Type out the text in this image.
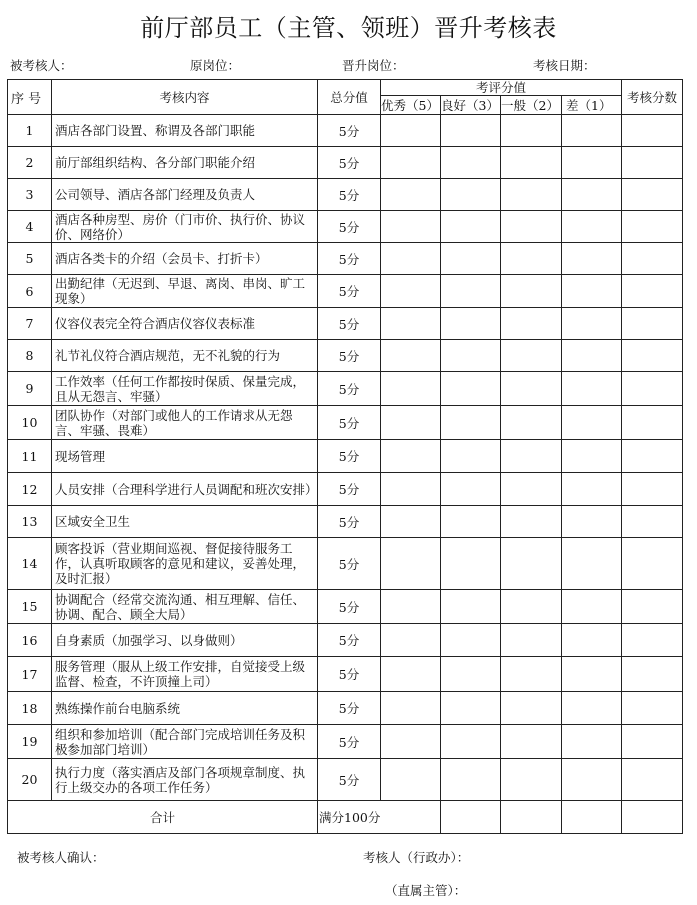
前厅部员工（主管、领班）晋升考核表
被考核人：	原岗位：	晋升岗位：	考核日期：
序 号	考核内容	总分值	考评分值				考核分数
			优秀（5）	良好（3）	一般（2）	差（1）	
1	酒店各部门设置、称谓及各部门职能	5分					
2	前厅部组织结构、各分部门职能介绍	5分					
3	公司领导、酒店各部门经理及负责人	5分					
4	酒店各种房型、房价（门市价、执行价、协议价、网络价）	5分					
5	酒店各类卡的介绍（会员卡、打折卡）	5分					
6	出勤纪律（无迟到、早退、离岗、串岗、旷工现象）	5分					
7	仪容仪表完全符合酒店仪容仪表标准	5分					
8	礼节礼仪符合酒店规范，无不礼貌的行为	5分					
9	工作效率（任何工作都按时保质、保量完成，且从无怨言、牢骚）	5分					
10	团队协作（对部门或他人的工作请求从无怨言、牢骚、畏难）	5分					
11	现场管理	5分					
12	人员安排（合理科学进行人员调配和班次安排）	5分					
13	区域安全卫生	5分					
14	顾客投诉（营业期间巡视、督促接待服务工作，认真听取顾客的意见和建议，妥善处理，及时汇报）	5分					
15	协调配合（经常交流沟通、相互理解、信任、协调、配合、顾全大局）	5分					
16	自身素质（加强学习、以身做则）	5分					
17	服务管理（服从上级工作安排，自觉接受上级监督、检查，不许顶撞上司）	5分					
18	熟练操作前台电脑系统	5分					
19	组织和参加培训（配合部门完成培训任务及积极参加部门培训）	5分					
20	执行力度（落实酒店及部门各项规章制度、执行上级交办的各项工作任务）	5分					
合计		满分100分					
被考核人确认：	考核人（行政办）：
（直属主管）：
